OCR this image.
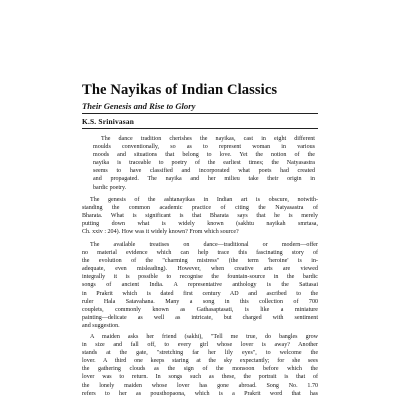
The Nayikas of Indian Classics
Their Genesis and Rise to Glory
K.S. Srinivasan
The dance tradition cherishes the nayikas, cast in eight different
moulds conventionally, so as to represent woman in various
moods and situations that belong to love. Yet the notion of the
nayika is traceable to poetry of the earliest times; the Natyasastra
seems to have classified and incorporated what poets had created
and propagated. The nayika and her milieu take their origin in
bardic poetry.
The genesis of the ashtanayikas in Indian art is obscure, notwith-
standing the common academic practice of citing the Natyasastra of
Bharata. What is significant is that Bharata says that he is merely
putting down what is widely known (sakhtu nayikah smrtasa,
Ch. xxiv : 204). How was it widely known? From which source?
The available treatises on dance—traditional or modern—offer
no material evidence which can help trace this fascinating story of
the evolution of the "charming mistress" (the term 'heroine' is in-
adequate, even misleading). However, when creative arts are viewed
integrally it is possible to recognise the fountain-source in the bardic
songs of ancient India. A representative anthology is the Sattasai
in Prakrit which is dated first century AD and ascribed to the
ruler Hala Satavahana. Many a song in this collection of 700
couplets, commonly known as Gathasaptasati, is like a miniature
painting—delicate as well as intricate, but charged with sentiment
and suggestion.
A maiden asks her friend (sakhi), "Tell me true, do bangles grow
in size and fall off, to every girl whose lover is away? Another
stands at the gate, "stretching far her lily eyes", to welcome the
lover. A third one keeps staring at the sky expectantly; for she sees
the gathering clouds as the sign of the monsoon before which the
lover was to return. In songs such as these, the portrait is that of
the lonely maiden whose lover has gone abroad. Song No. 1.70
refers to her as pousthopaona, which is a Prakrit word that has
